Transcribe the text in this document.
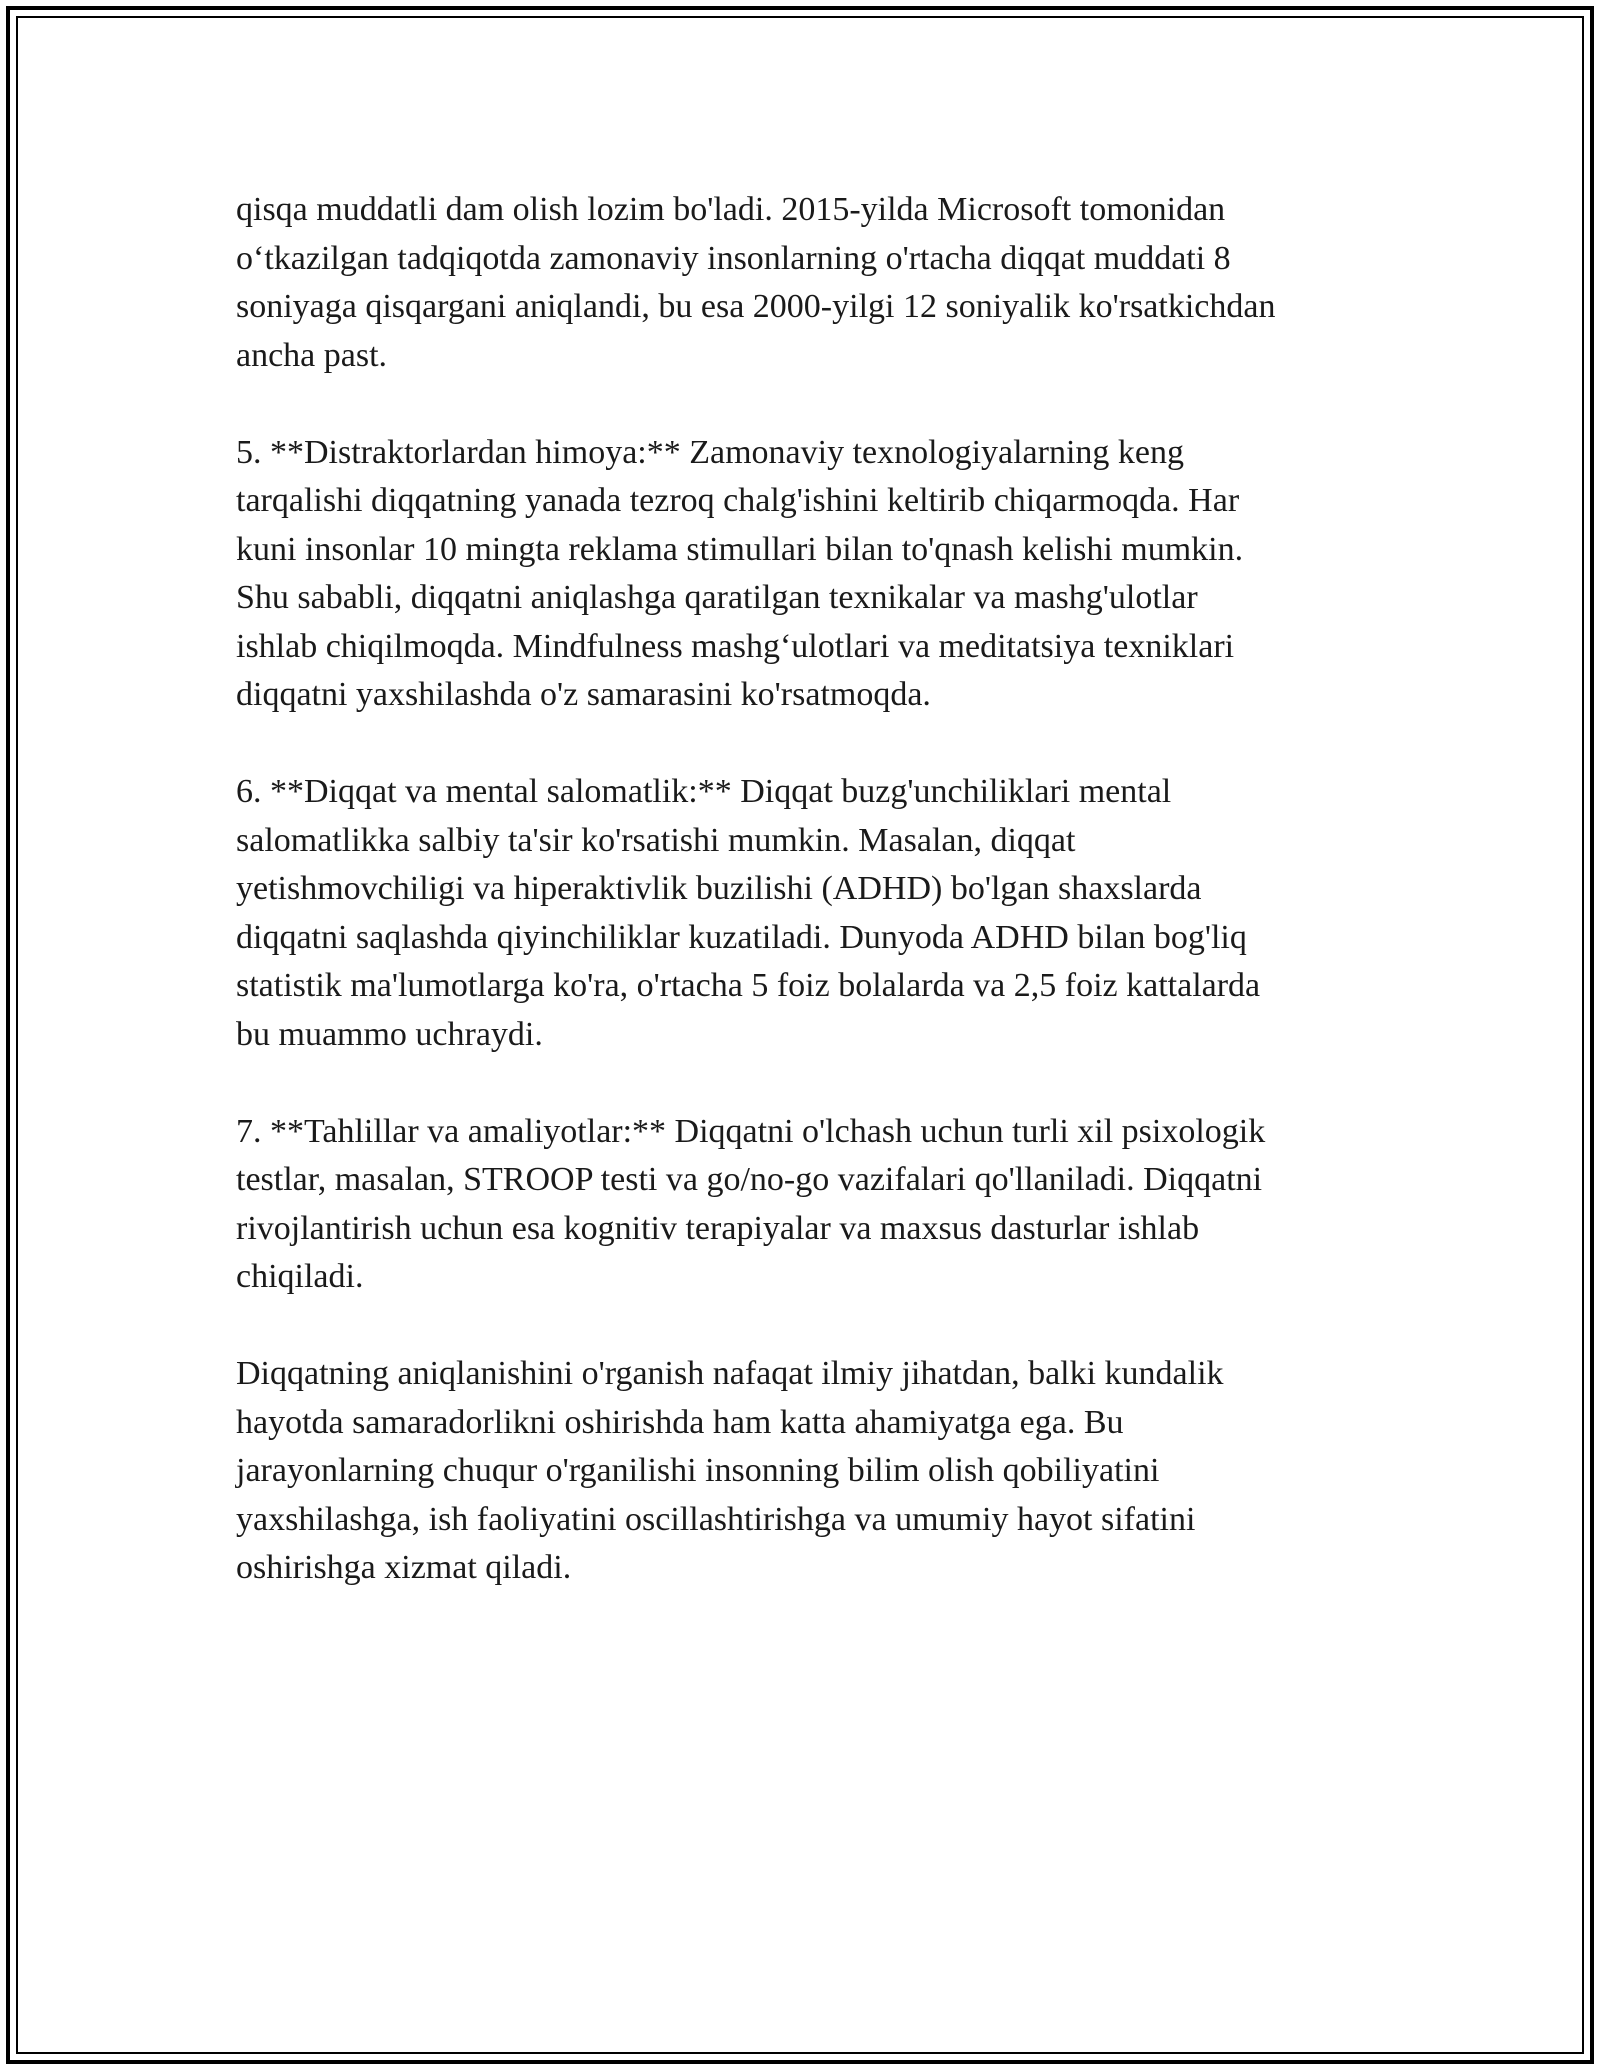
qisqa muddatli dam olish lozim bo'ladi. 2015-yilda Microsoft tomonidan
o‘tkazilgan tadqiqotda zamonaviy insonlarning o'rtacha diqqat muddati 8
soniyaga qisqargani aniqlandi, bu esa 2000-yilgi 12 soniyalik ko'rsatkichdan
ancha past.

5. **Distraktorlardan himoya:** Zamonaviy texnologiyalarning keng
tarqalishi diqqatning yanada tezroq chalg'ishini keltirib chiqarmoqda. Har
kuni insonlar 10 mingta reklama stimullari bilan to'qnash kelishi mumkin.
Shu sababli, diqqatni aniqlashga qaratilgan texnikalar va mashg'ulotlar
ishlab chiqilmoqda. Mindfulness mashg‘ulotlari va meditatsiya texniklari
diqqatni yaxshilashda o'z samarasini ko'rsatmoqda.

6. **Diqqat va mental salomatlik:** Diqqat buzg'unchiliklari mental
salomatlikka salbiy ta'sir ko'rsatishi mumkin. Masalan, diqqat
yetishmovchiligi va hiperaktivlik buzilishi (ADHD) bo'lgan shaxslarda
diqqatni saqlashda qiyinchiliklar kuzatiladi. Dunyoda ADHD bilan bog'liq
statistik ma'lumotlarga ko'ra, o'rtacha 5 foiz bolalarda va 2,5 foiz kattalarda
bu muammo uchraydi.

7. **Tahlillar va amaliyotlar:** Diqqatni o'lchash uchun turli xil psixologik
testlar, masalan, STROOP testi va go/no-go vazifalari qo'llaniladi. Diqqatni
rivojlantirish uchun esa kognitiv terapiyalar va maxsus dasturlar ishlab
chiqiladi.

Diqqatning aniqlanishini o'rganish nafaqat ilmiy jihatdan, balki kundalik
hayotda samaradorlikni oshirishda ham katta ahamiyatga ega. Bu
jarayonlarning chuqur o'rganilishi insonning bilim olish qobiliyatini
yaxshilashga, ish faoliyatini oscillashtirishga va umumiy hayot sifatini
oshirishga xizmat qiladi.
